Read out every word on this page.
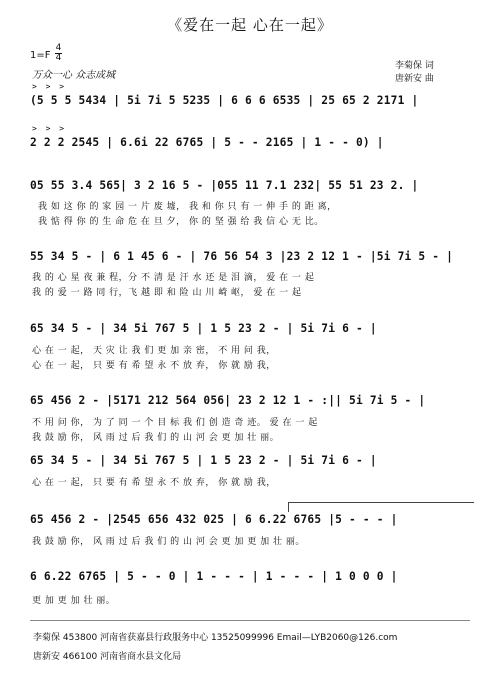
《爱在一起 心在一起》
1=F
4
4
万众一心 众志成城
李菊保 词
唐新安 曲
> > >
(5 5 5 5434 | 5i 7i 5 5235 | 6 6 6 6535 | 25 65 2 2171 |
> > >
2 2 2 2545 | 6.6i 22 6765 | 5 - - 2165 | 1 - - 0) |
05 55 3.4 565| 3 2 16 5 - |055 11 7.1 232| 55 51 23 2. |
我 如 这 你 的 家 园 一 片 废 墟， 我 和 你 只 有 一 伸 手 的 距 离，
我 惦 得 你 的 生 命 危 在 旦 夕， 你 的 坚 强 给 我 信 心 无 比。
55 34 5 - | 6 1 45 6 - | 76 56 54 3 |23 2 12 1 - |5i 7i 5 - |
我 的 心 星 夜 兼 程，分 不 清 是 汗 水 还 是 泪 滴， 爱 在 一 起
我 的 爱 一 路 同 行，飞 越 即 和 险 山 川 崎 岖， 爱 在 一 起
65 34 5 - | 34 5i 767 5 | 1 5 23 2 - | 5i 7i 6 - |
心 在 一 起， 天 灾 让 我 们 更 加 亲 密， 不 用 问 我，
心 在 一 起， 只 要 有 希 望 永 不 放 弃， 你 就 励 我，
65 456 2 - |5171 212 564 056| 23 2 12 1 - :|| 5i 7i 5 - |
不 用 问 你， 为 了 同 一 个 目 标 我 们 创 造 奇 迹。 爱 在 一 起
我 鼓 励 你， 风 雨 过 后 我 们 的 山 河 会 更 加 壮 丽。
65 34 5 - | 34 5i 767 5 | 1 5 23 2 - | 5i 7i 6 - |
心 在 一 起， 只 要 有 希 望 永 不 放 弃， 你 就 励 我，
65 456 2 - |2545 656 432 025 | 6 6.22 6765 |5 - - - |
我 鼓 励 你， 风 雨 过 后 我 们 的 山 河 会 更 加 更 加 壮 丽。
6 6.22 6765 | 5 - - 0 | 1 - - - | 1 - - - | 1 0 0 0 |
更 加 更 加 壮 丽。
李菊保 453800 河南省获嘉县行政服务中心 13525099996 Email—LYB2060@126.com
唐新安 466100 河南省商水县文化局
